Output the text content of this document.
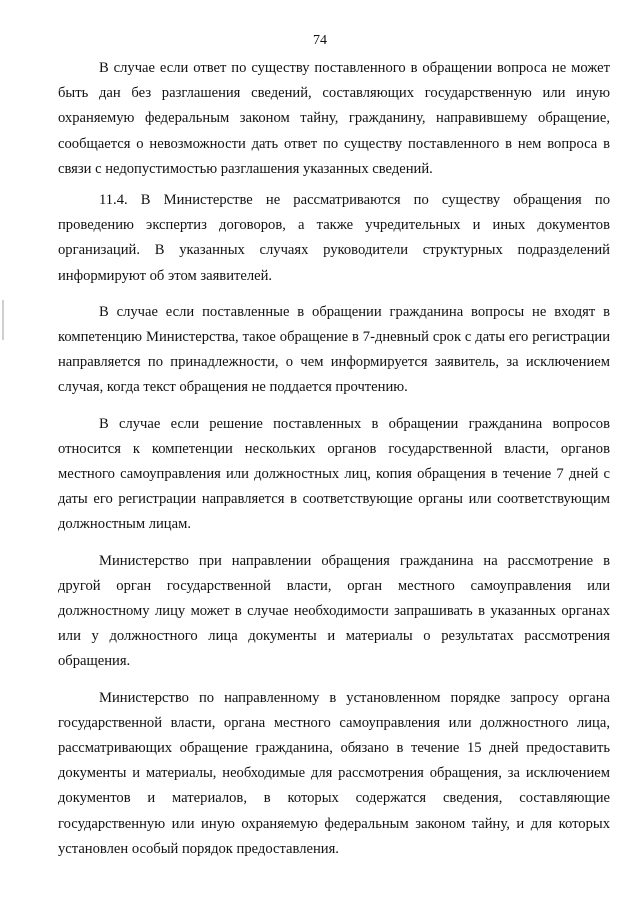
74

В случае если ответ по существу поставленного в обращении вопроса не может быть дан без разглашения сведений, составляющих государственную или иную охраняемую федеральным законом тайну, гражданину, направившему обращение, сообщается о невозможности дать ответ по существу поставленного в нем вопроса в связи с недопустимостью разглашения указанных сведений.

11.4. В Министерстве не рассматриваются по существу обращения по проведению экспертиз договоров, а также учредительных и иных документов организаций. В указанных случаях руководители структурных подразделений информируют об этом заявителей.

В случае если поставленные в обращении гражданина вопросы не входят в компетенцию Министерства, такое обращение в 7-дневный срок с даты его регистрации направляется по принадлежности, о чем информируется заявитель, за исключением случая, когда текст обращения не поддается прочтению.

В случае если решение поставленных в обращении гражданина вопросов относится к компетенции нескольких органов государственной власти, органов местного самоуправления или должностных лиц, копия обращения в течение 7 дней с даты его регистрации направляется в соответствующие органы или соответствующим должностным лицам.

Министерство при направлении обращения гражданина на рассмотрение в другой орган государственной власти, орган местного самоуправления или должностному лицу может в случае необходимости запрашивать в указанных органах или у должностного лица документы и материалы о результатах рассмотрения обращения.

Министерство по направленному в установленном порядке запросу органа государственной власти, органа местного самоуправления или должностного лица, рассматривающих обращение гражданина, обязано в течение 15 дней предоставить документы и материалы, необходимые для рассмотрения обращения, за исключением документов и материалов, в которых содержатся сведения, составляющие государственную или иную охраняемую федеральным законом тайну, и для которых установлен особый порядок предоставления.
